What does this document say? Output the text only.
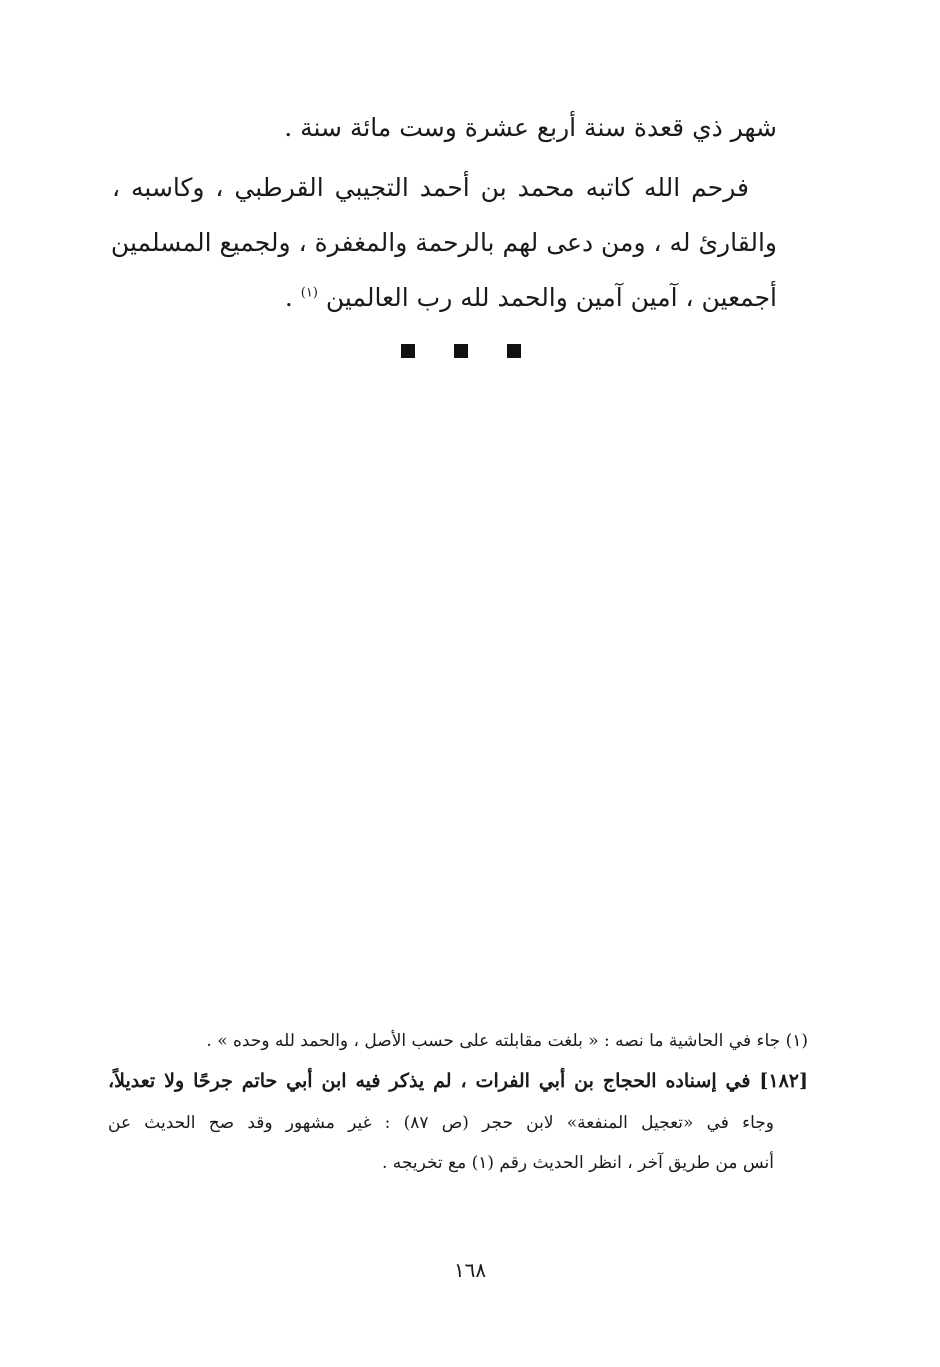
شهر ذي قعدة سنة أربع عشرة وست مائة سنة .
فرحم الله كاتبه محمد بن أحمد التجيبي القرطبي ، وكاسبه ،
والقارئ له ، ومن دعى لهم بالرحمة والمغفرة ، ولجميع المسلمين
أجمعين ، آمين آمين والحمد لله رب العالمين $^{(١)}$ .
(١) جاء في الحاشية ما نصه : « بلغت مقابلته على حسب الأصل ، والحمد لله وحده » .
[١٨٢] في إسناده الحجاج بن أبي الفرات ، لم يذكر فيه ابن أبي حاتم جرحًا ولا تعديلاً،
وجاء في «تعجيل المنفعة» لابن حجر (ص ٨٧) : غير مشهور وقد صح الحديث عن
أنس من طريق آخر ، انظر الحديث رقم (١) مع تخريجه .
١٦٨
